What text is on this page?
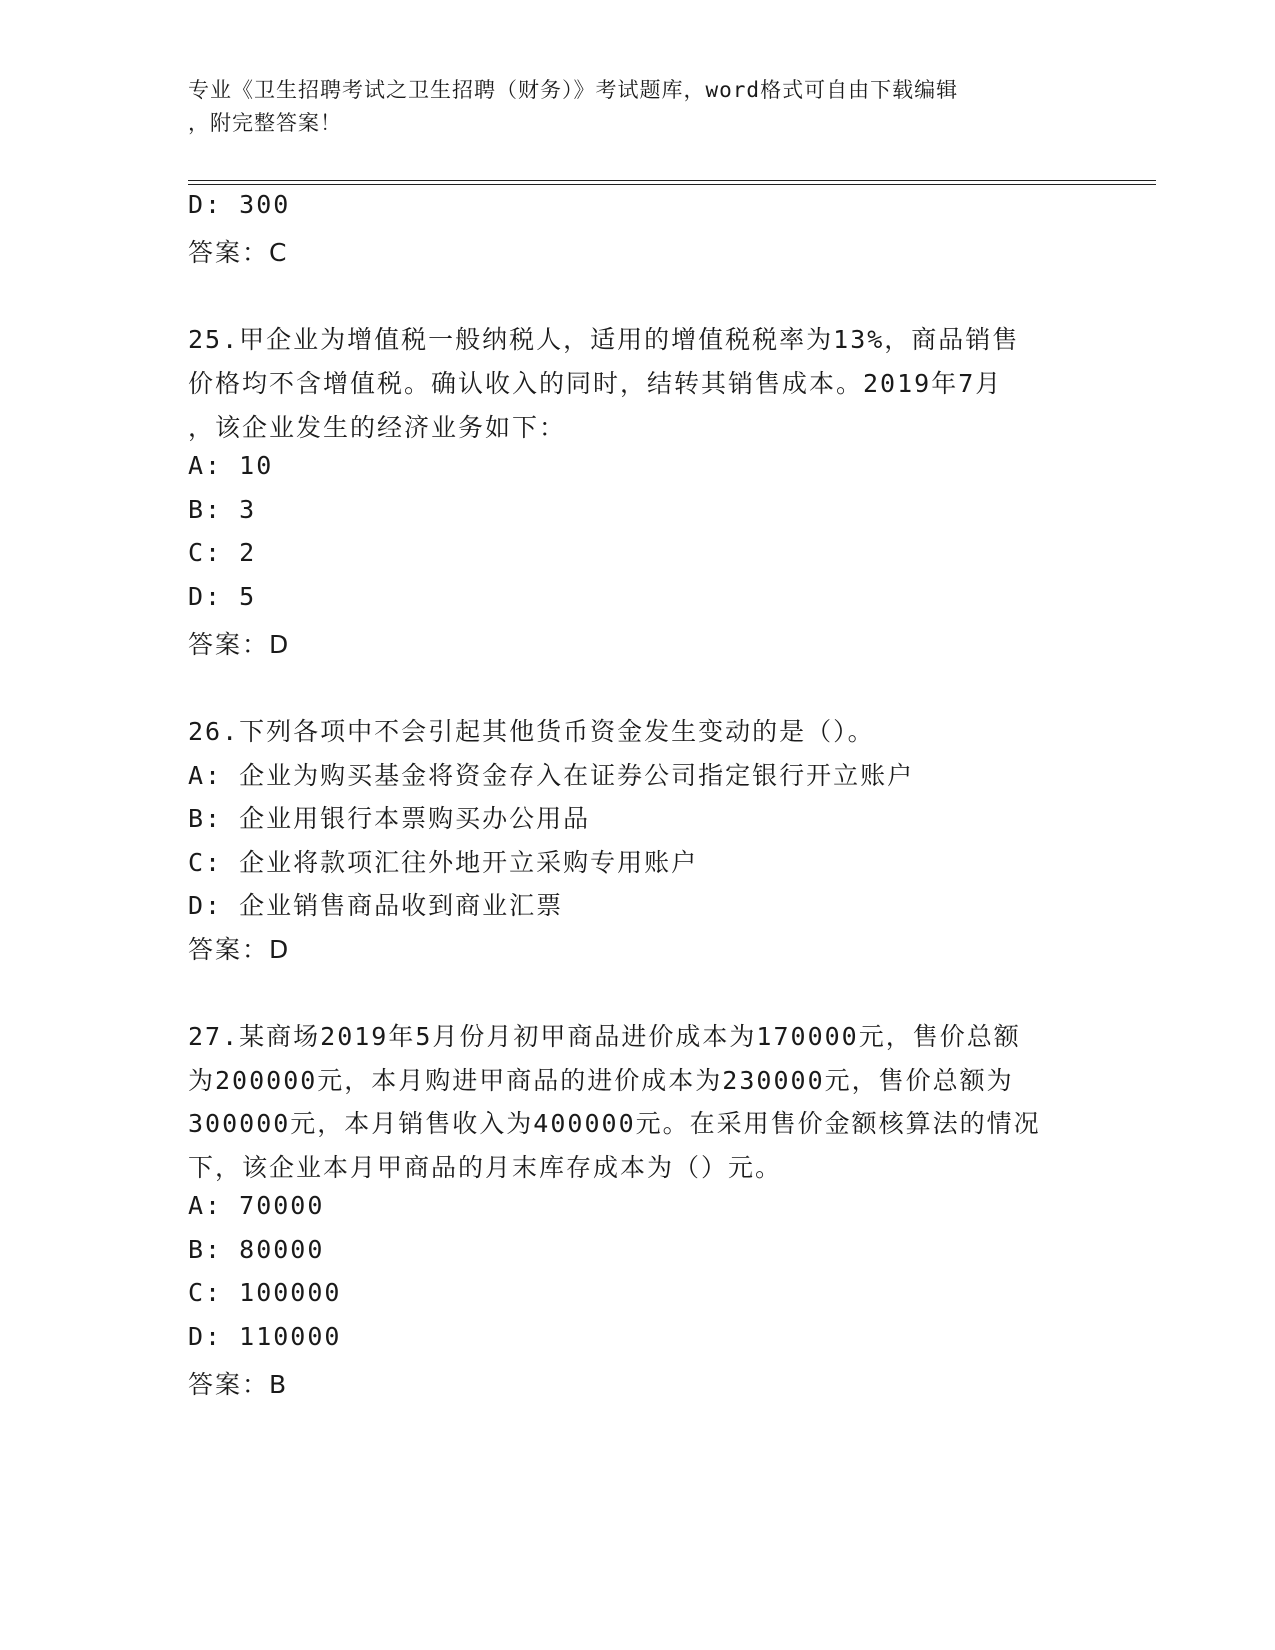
专业《卫生招聘考试之卫生招聘（财务）》考试题库，word格式可自由下载编辑
，附完整答案！
D: 300
答案：C
25.甲企业为增值税一般纳税人，适用的增值税税率为13%，商品销售
价格均不含增值税。确认收入的同时，结转其销售成本。2019年7月
，该企业发生的经济业务如下：
A: 10
B: 3
C: 2
D: 5
答案：D
26.下列各项中不会引起其他货币资金发生变动的是（）。
A: 企业为购买基金将资金存入在证券公司指定银行开立账户
B: 企业用银行本票购买办公用品
C: 企业将款项汇往外地开立采购专用账户
D: 企业销售商品收到商业汇票
答案：D
27.某商场2019年5月份月初甲商品进价成本为170000元，售价总额
为200000元，本月购进甲商品的进价成本为230000元，售价总额为
300000元，本月销售收入为400000元。在采用售价金额核算法的情况
下，该企业本月甲商品的月末库存成本为（）元。
A: 70000
B: 80000
C: 100000
D: 110000
答案：B
